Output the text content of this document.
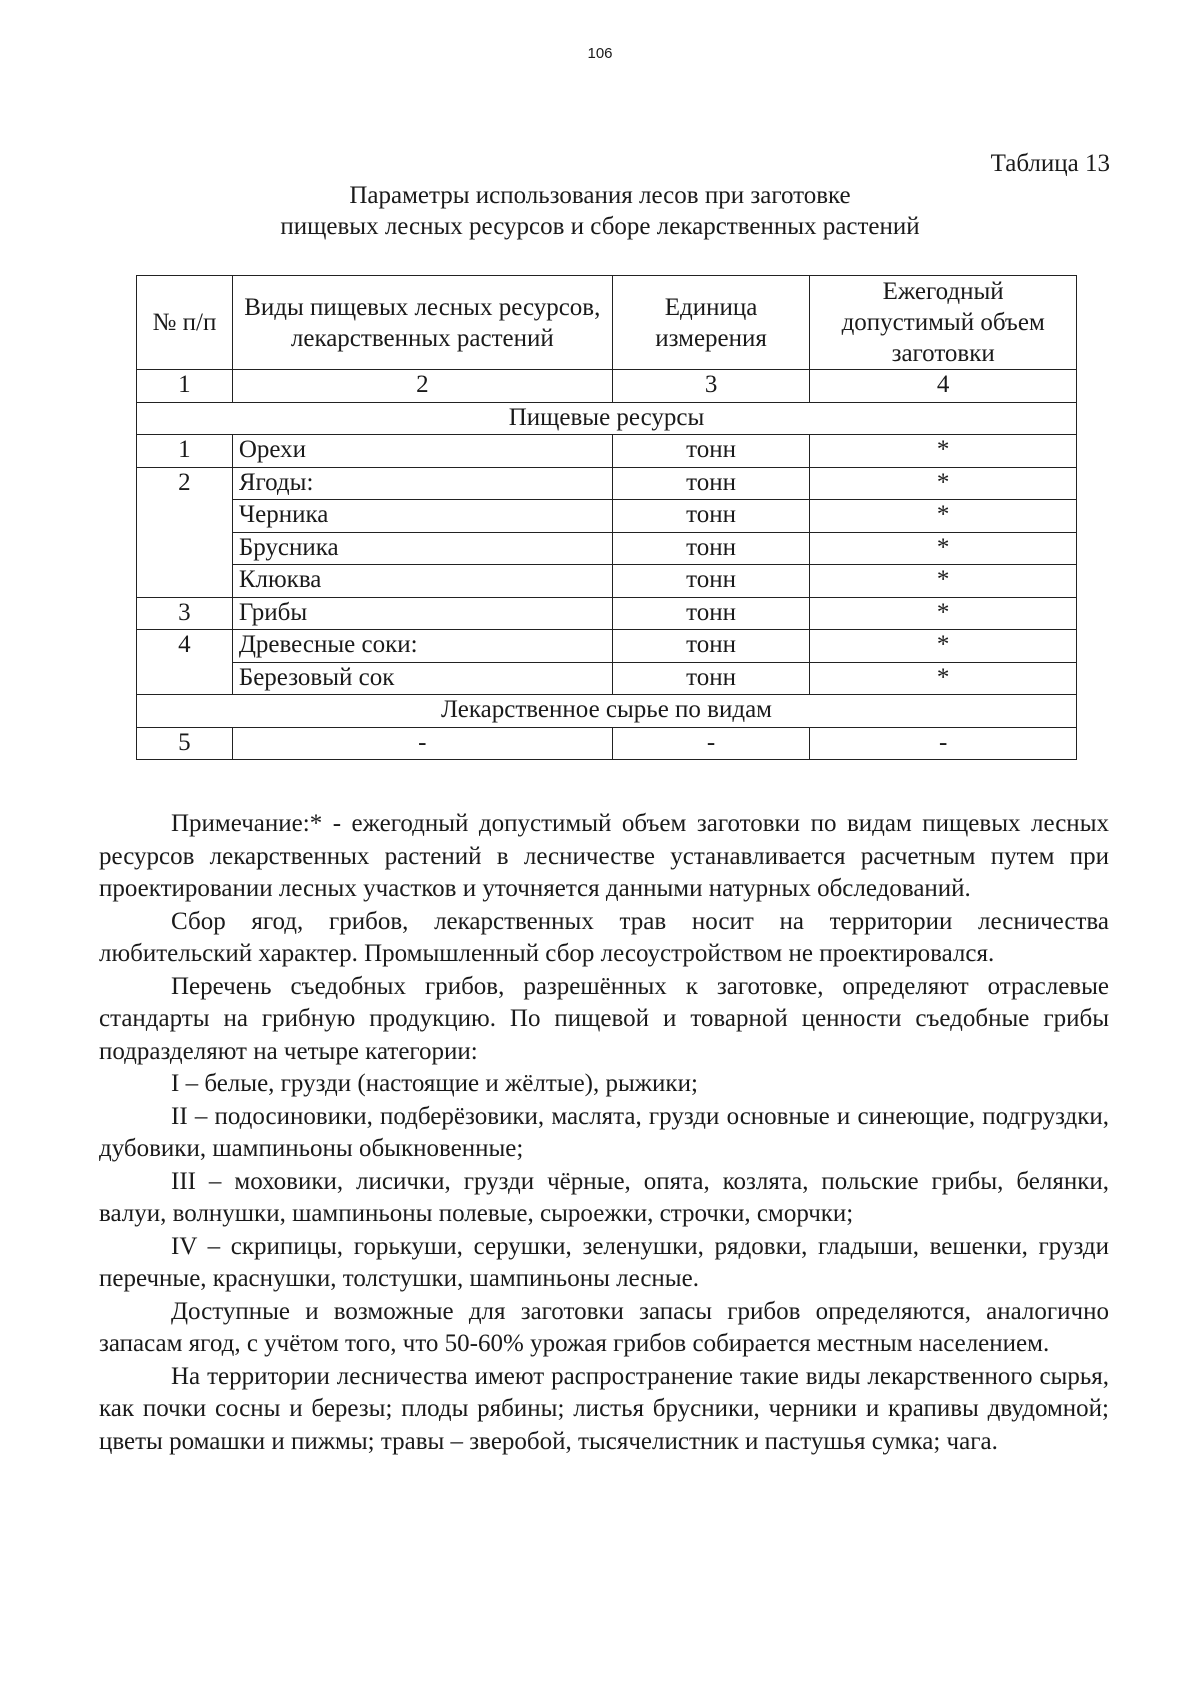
106
Таблица 13
Параметры использования лесов при заготовке
пищевых лесных ресурсов и сборе лекарственных растений
№ п/п	Виды пищевых лесных ресурсов, лекарственных растений	Единица измерения	Ежегодный допустимый объем заготовки
1	2	3	4
Пищевые ресурсы			
1	Орехи	тонн	*
2	Ягоды:	тонн	*
	Черника	тонн	*
	Брусника	тонн	*
	Клюква	тонн	*
3	Грибы	тонн	*
4	Древесные соки:	тонн	*
	Березовый сок	тонн	*
Лекарственное сырье по видам			
5	-	-	-

Примечание:* - ежегодный допустимый объем заготовки по видам пищевых лесных ресурсов лекарственных растений в лесничестве устанавливается расчетным путем при проектировании лесных участков и уточняется данными натурных обследований.

Сбор ягод, грибов, лекарственных трав носит на территории лесничества любительский характер. Промышленный сбор лесоустройством не проектировался.

Перечень съедобных грибов, разрешённых к заготовке, определяют отраслевые стандарты на грибную продукцию. По пищевой и товарной ценности съедобные грибы подразделяют на четыре категории:

I – белые, грузди (настоящие и жёлтые), рыжики;

II – подосиновики, подберёзовики, маслята, грузди основные и синеющие, подгруздки, дубовики, шампиньоны обыкновенные;

III – моховики, лисички, грузди чёрные, опята, козлята, польские грибы, белянки, валуи, волнушки, шампиньоны полевые, сыроежки, строчки, сморчки;

IV – скрипицы, горькуши, серушки, зеленушки, рядовки, гладыши, вешенки, грузди перечные, краснушки, толстушки, шампиньоны лесные.

Доступные и возможные для заготовки запасы грибов определяются, аналогично запасам ягод, с учётом того, что 50-60% урожая грибов собирается местным населением.

На территории лесничества имеют распространение такие виды лекарственного сырья, как почки сосны и березы; плоды рябины; листья брусники, черники и крапивы двудомной; цветы ромашки и пижмы; травы – зверобой, тысячелистник и пастушья сумка; чага.
